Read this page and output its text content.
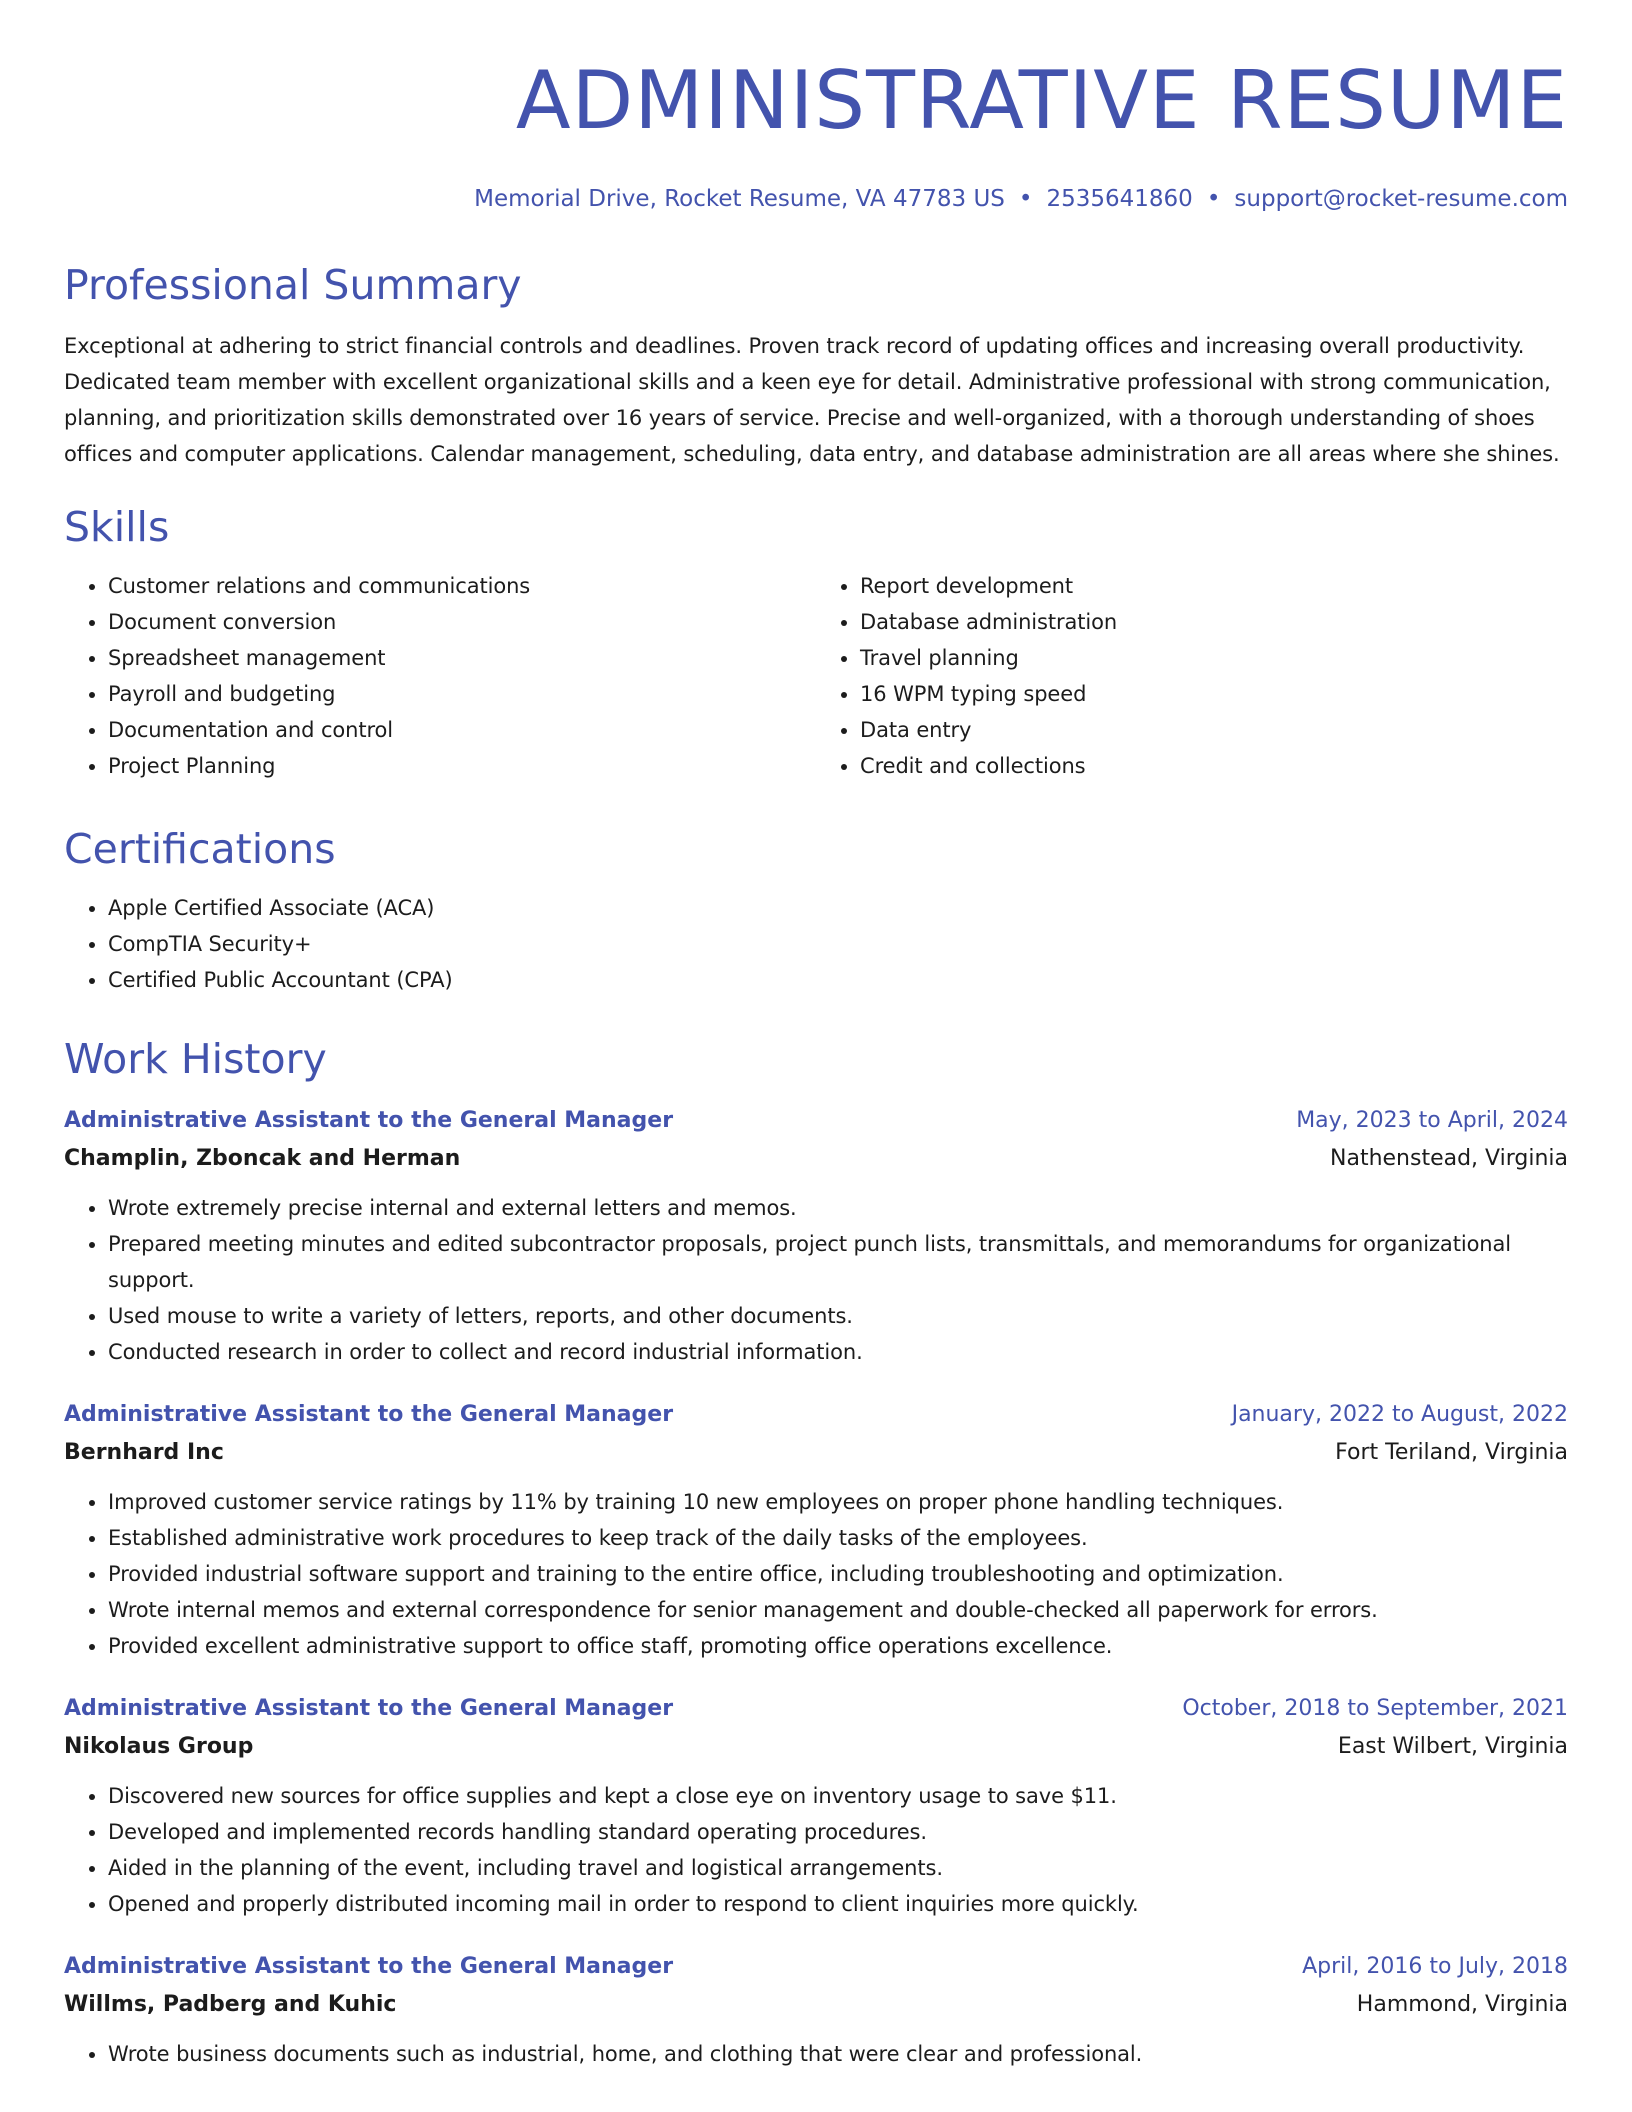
ADMINISTRATIVE RESUME
Memorial Drive, Rocket Resume, VA 47783 US • 2535641860 • support@rocket-resume.com
Professional Summary
Exceptional at adhering to strict financial controls and deadlines. Proven track record of updating offices and increasing overall productivity. Dedicated team member with excellent organizational skills and a keen eye for detail. Administrative professional with strong communication, planning, and prioritization skills demonstrated over 16 years of service. Precise and well-organized, with a thorough understanding of shoes offices and computer applications. Calendar management, scheduling, data entry, and database administration are all areas where she shines.
Skills
• Customer relations and communications
• Document conversion
• Spreadsheet management
• Payroll and budgeting
• Documentation and control
• Project Planning
• Report development
• Database administration
• Travel planning
• 16 WPM typing speed
• Data entry
• Credit and collections
Certifications
• Apple Certified Associate (ACA)
• CompTIA Security+
• Certified Public Accountant (CPA)
Work History
Administrative Assistant to the General Manager	May, 2023 to April, 2024
Champlin, Zboncak and Herman	Nathenstead, Virginia
• Wrote extremely precise internal and external letters and memos.
• Prepared meeting minutes and edited subcontractor proposals, project punch lists, transmittals, and memorandums for organizational support.
• Used mouse to write a variety of letters, reports, and other documents.
• Conducted research in order to collect and record industrial information.
Administrative Assistant to the General Manager	January, 2022 to August, 2022
Bernhard Inc	Fort Teriland, Virginia
• Improved customer service ratings by 11% by training 10 new employees on proper phone handling techniques.
• Established administrative work procedures to keep track of the daily tasks of the employees.
• Provided industrial software support and training to the entire office, including troubleshooting and optimization.
• Wrote internal memos and external correspondence for senior management and double-checked all paperwork for errors.
• Provided excellent administrative support to office staff, promoting office operations excellence.
Administrative Assistant to the General Manager	October, 2018 to September, 2021
Nikolaus Group	East Wilbert, Virginia
• Discovered new sources for office supplies and kept a close eye on inventory usage to save $11.
• Developed and implemented records handling standard operating procedures.
• Aided in the planning of the event, including travel and logistical arrangements.
• Opened and properly distributed incoming mail in order to respond to client inquiries more quickly.
Administrative Assistant to the General Manager	April, 2016 to July, 2018
Willms, Padberg and Kuhic	Hammond, Virginia
• Wrote business documents such as industrial, home, and clothing that were clear and professional.
